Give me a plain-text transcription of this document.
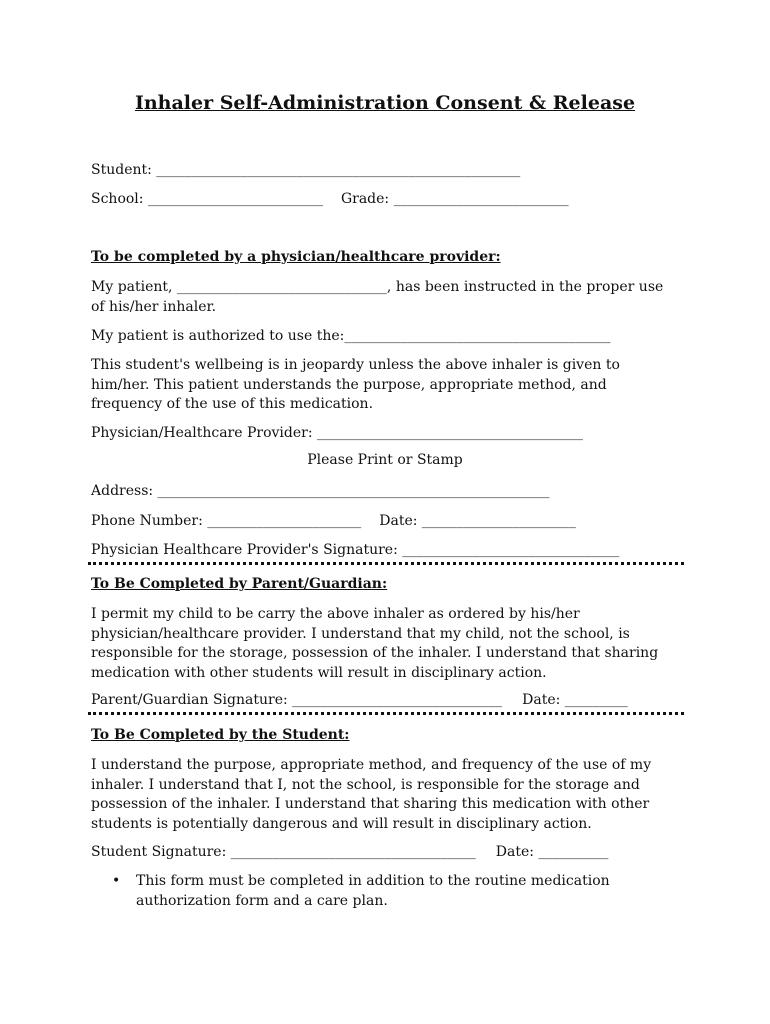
Inhaler Self-Administration Consent & Release
Student: ____________________________________________________
School: _________________________ Grade: _________________________
To be completed by a physician/healthcare provider:
My patient, ______________________________, has been instructed in the proper use of his/her inhaler.
My patient is authorized to use the:______________________________________
This student's wellbeing is in jeopardy unless the above inhaler is given to him/her. This patient understands the purpose, appropriate method, and frequency of the use of this medication.
Physician/Healthcare Provider: ______________________________________
Please Print or Stamp
Address: ________________________________________________________
Phone Number: ______________________ Date: ______________________
Physician Healthcare Provider's Signature: _______________________________
To Be Completed by Parent/Guardian:
I permit my child to be carry the above inhaler as ordered by his/her physician/healthcare provider. I understand that my child, not the school, is responsible for the storage, possession of the inhaler. I understand that sharing medication with other students will result in disciplinary action.
Parent/Guardian Signature: ______________________________ Date: _________
To Be Completed by the Student:
I understand the purpose, appropriate method, and frequency of the use of my inhaler. I understand that I, not the school, is responsible for the storage and possession of the inhaler. I understand that sharing this medication with other students is potentially dangerous and will result in disciplinary action.
Student Signature: ___________________________________ Date: __________
•	This form must be completed in addition to the routine medication authorization form and a care plan.
